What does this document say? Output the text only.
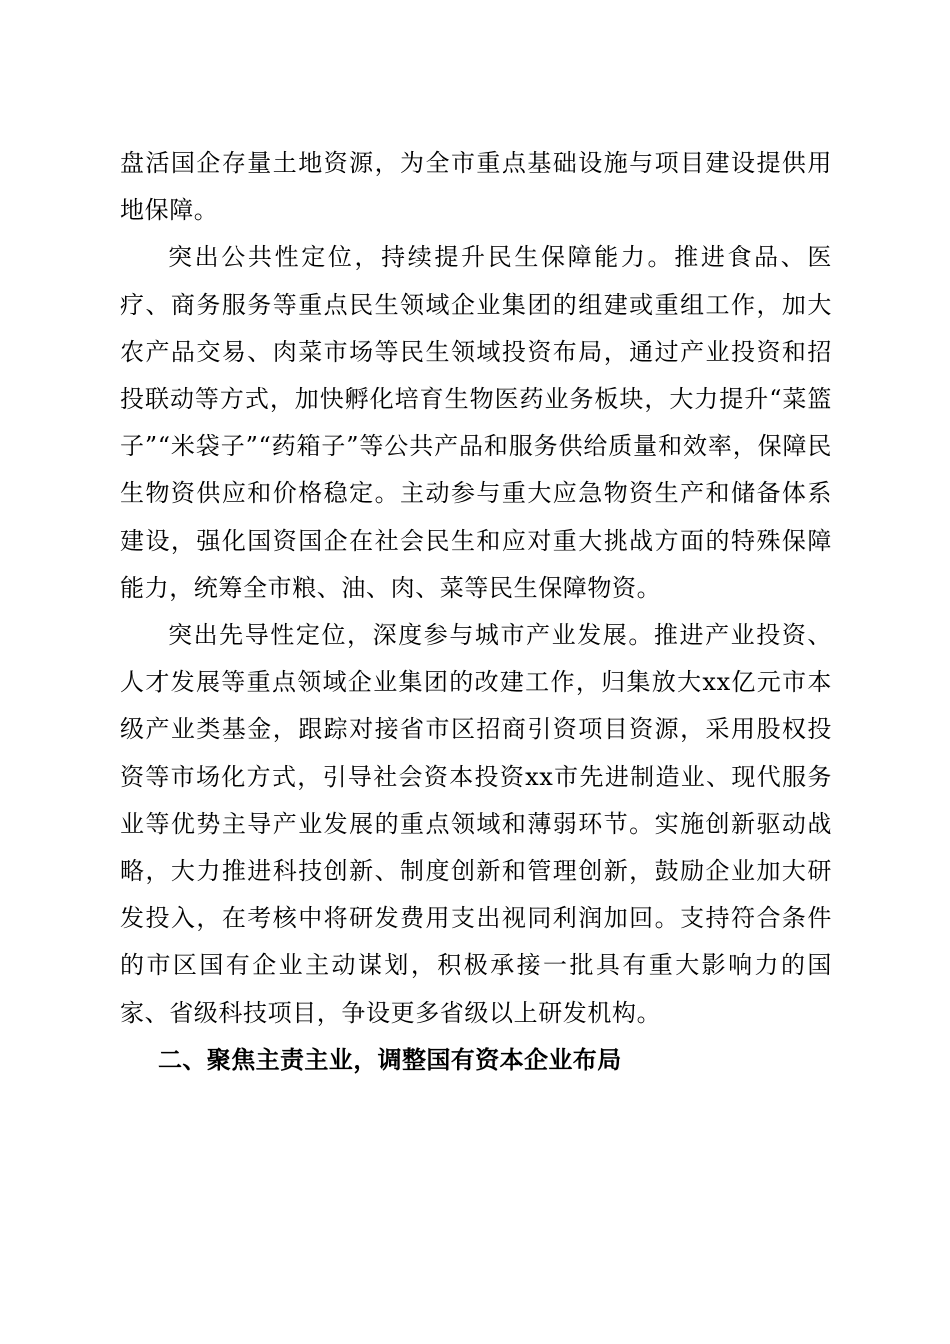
盘活国企存量土地资源，为全市重点基础设施与项目建设提供用地保障。

突出公共性定位，持续提升民生保障能力。推进食品、医疗、商务服务等重点民生领域企业集团的组建或重组工作，加大农产品交易、肉菜市场等民生领域投资布局，通过产业投资和招投联动等方式，加快孵化培育生物医药业务板块，大力提升“菜篮子”“米袋子”“药箱子”等公共产品和服务供给质量和效率，保障民生物资供应和价格稳定。主动参与重大应急物资生产和储备体系建设，强化国资国企在社会民生和应对重大挑战方面的特殊保障能力，统筹全市粮、油、肉、菜等民生保障物资。

突出先导性定位，深度参与城市产业发展。推进产业投资、人才发展等重点领域企业集团的改建工作，归集放大xx亿元市本级产业类基金，跟踪对接省市区招商引资项目资源，采用股权投资等市场化方式，引导社会资本投资xx市先进制造业、现代服务业等优势主导产业发展的重点领域和薄弱环节。实施创新驱动战略，大力推进科技创新、制度创新和管理创新，鼓励企业加大研发投入，在考核中将研发费用支出视同利润加回。支持符合条件的市区国有企业主动谋划，积极承接一批具有重大影响力的国家、省级科技项目，争设更多省级以上研发机构。

二、聚焦主责主业，调整国有资本企业布局
